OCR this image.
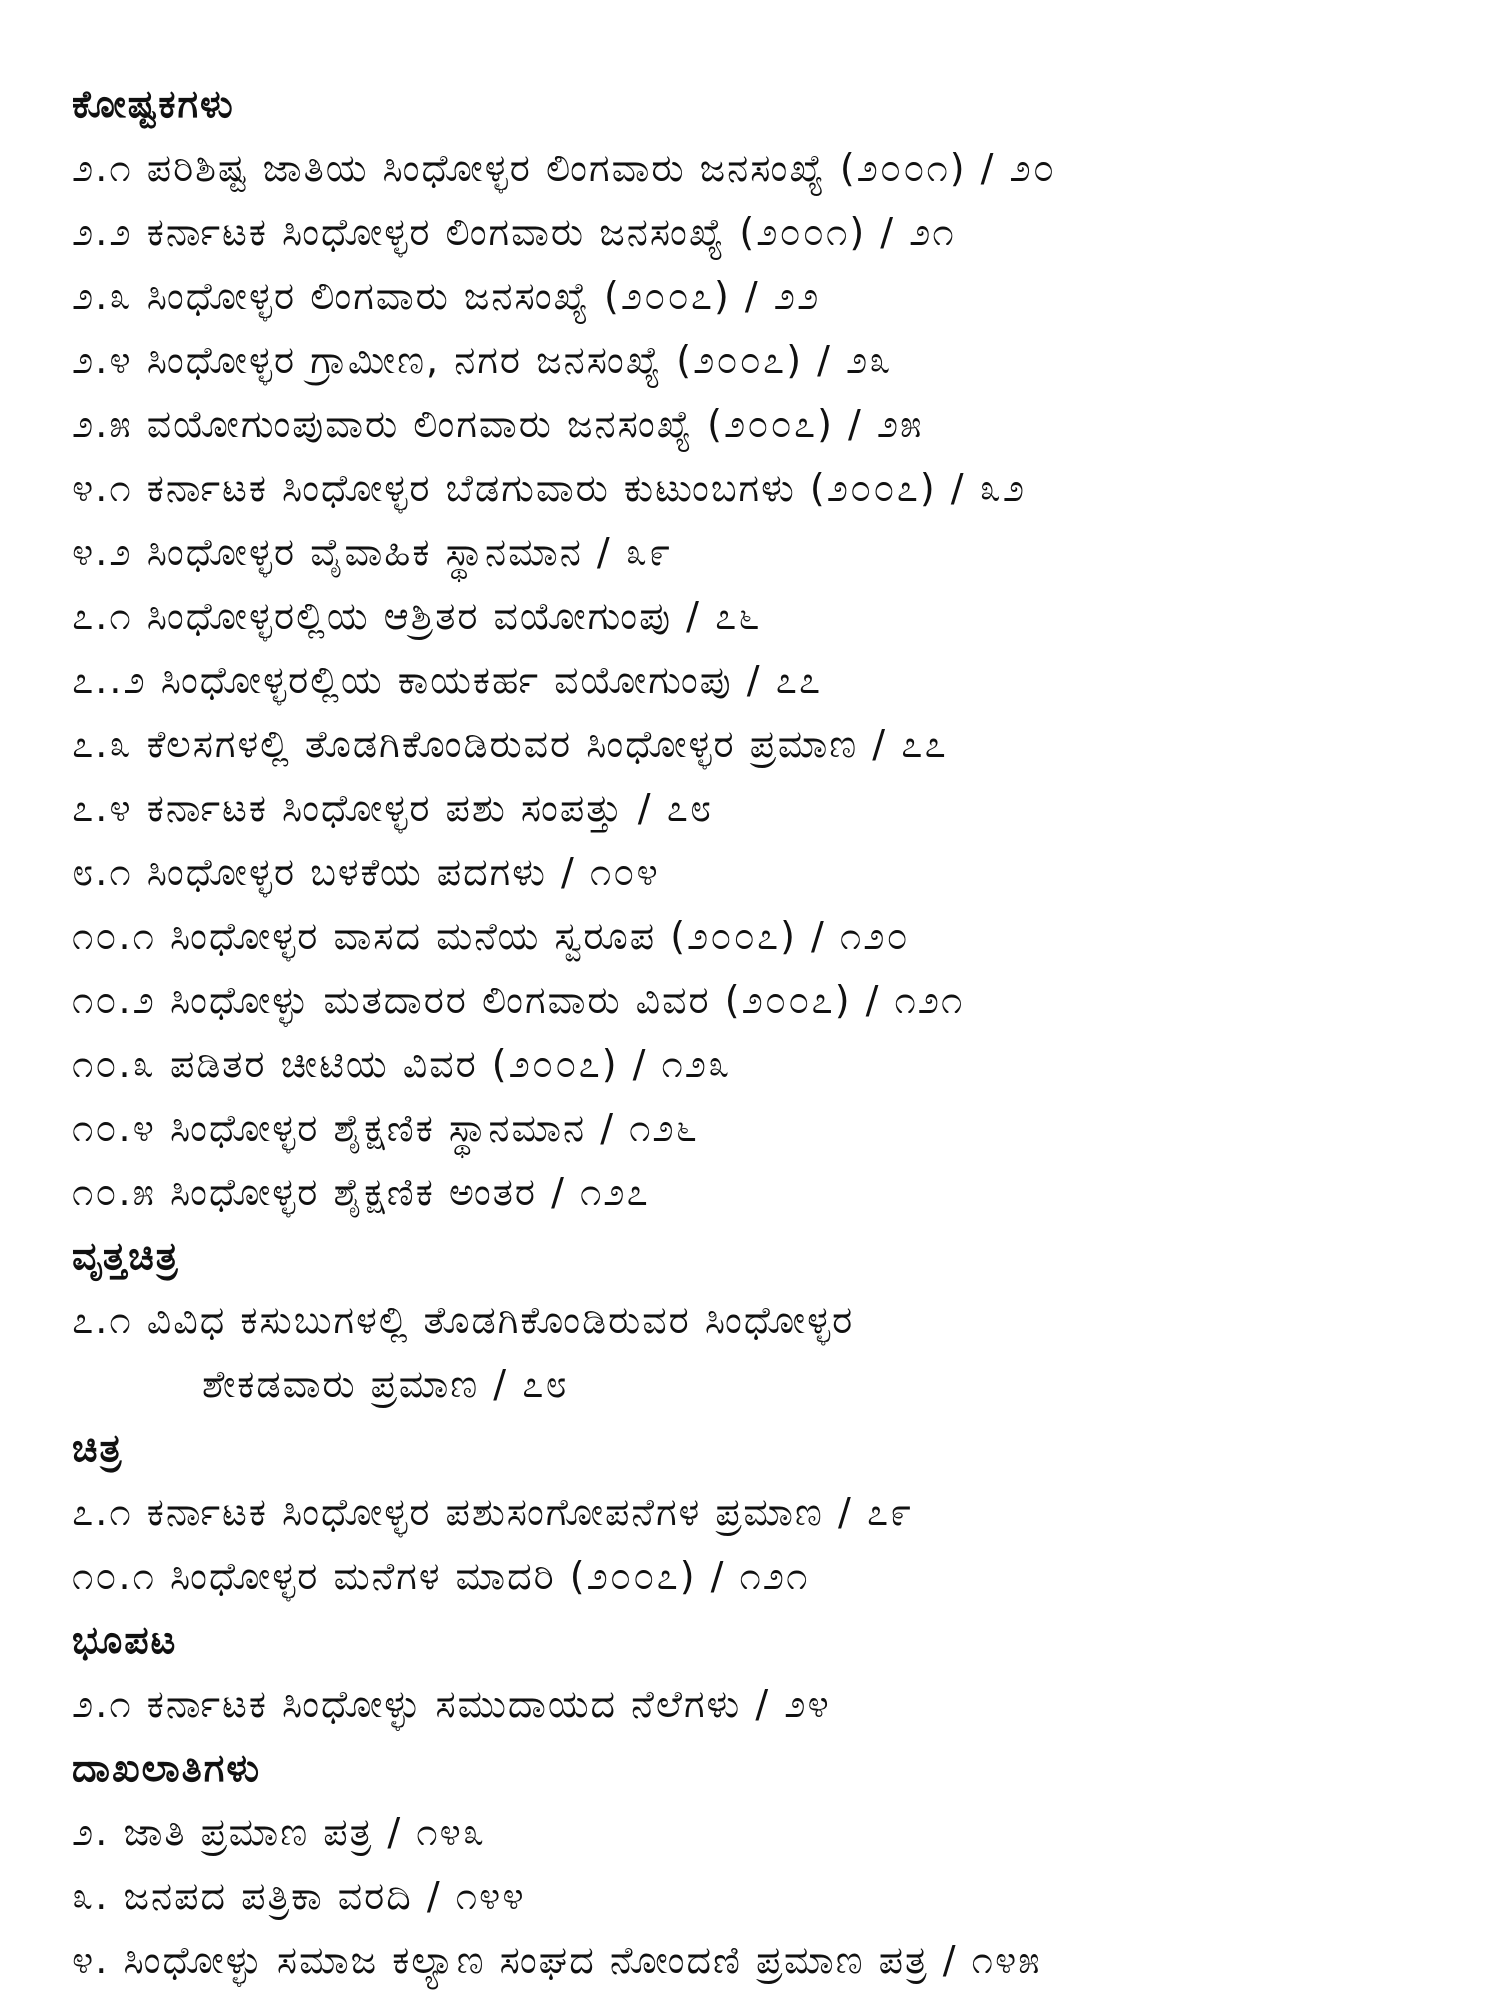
ಕೋಷ್ಟಕಗಳು
೨.೧ ಪರಿಶಿಷ್ಟ ಜಾತಿಯ ಸಿಂಧೋಳ್ಳರ ಲಿಂಗವಾರು ಜನಸಂಖ್ಯೆ (೨೦೦೧) / ೨೦
೨.೨ ಕರ್ನಾಟಕ ಸಿಂಧೋಳ್ಳರ ಲಿಂಗವಾರು ಜನಸಂಖ್ಯೆ (೨೦೦೧) / ೨೧
೨.೩ ಸಿಂಧೋಳ್ಳರ ಲಿಂಗವಾರು ಜನಸಂಖ್ಯೆ (೨೦೦೭) / ೨೨
೨.೪ ಸಿಂಧೋಳ್ಳರ ಗ್ರಾಮೀಣ, ನಗರ ಜನಸಂಖ್ಯೆ (೨೦೦೭) / ೨೩
೨.೫ ವಯೋಗುಂಪುವಾರು ಲಿಂಗವಾರು ಜನಸಂಖ್ಯೆ (೨೦೦೭) / ೨೫
೪.೧ ಕರ್ನಾಟಕ ಸಿಂಧೋಳ್ಳರ ಬೆಡಗುವಾರು ಕುಟುಂಬಗಳು (೨೦೦೭) / ೩೨
೪.೨ ಸಿಂಧೋಳ್ಳರ ವೈವಾಹಿಕ ಸ್ಥಾನಮಾನ / ೩೯
೭.೧ ಸಿಂಧೋಳ್ಳರಲ್ಲಿಯ ಆಶ್ರಿತರ ವಯೋಗುಂಪು / ೭೬
೭..೨ ಸಿಂಧೋಳ್ಳರಲ್ಲಿಯ ಕಾಯಕರ್ಹ ವಯೋಗುಂಪು / ೭೭
೭.೩ ಕೆಲಸಗಳಲ್ಲಿ ತೊಡಗಿಕೊಂಡಿರುವರ ಸಿಂಧೋಳ್ಳರ ಪ್ರಮಾಣ / ೭೭
೭.೪ ಕರ್ನಾಟಕ ಸಿಂಧೋಳ್ಳರ ಪಶು ಸಂಪತ್ತು / ೭೮
೮.೧ ಸಿಂಧೋಳ್ಳರ ಬಳಕೆಯ ಪದಗಳು / ೧೦೪
೧೦.೧ ಸಿಂಧೋಳ್ಳರ ವಾಸದ ಮನೆಯ ಸ್ವರೂಪ (೨೦೦೭) / ೧೨೦
೧೦.೨ ಸಿಂಧೋಳ್ಳು ಮತದಾರರ ಲಿಂಗವಾರು ವಿವರ (೨೦೦೭) / ೧೨೧
೧೦.೩ ಪಡಿತರ ಚೀಟಿಯ ವಿವರ (೨೦೦೭) / ೧೨೩
೧೦.೪ ಸಿಂಧೋಳ್ಳರ ಶೈಕ್ಷಣಿಕ ಸ್ಥಾನಮಾನ / ೧೨೬
೧೦.೫ ಸಿಂಧೋಳ್ಳರ ಶೈಕ್ಷಣಿಕ ಅಂತರ / ೧೨೭
ವೃತ್ತಚಿತ್ರ
೭.೧ ವಿವಿಧ ಕಸುಬುಗಳಲ್ಲಿ ತೊಡಗಿಕೊಂಡಿರುವರ ಸಿಂಧೋಳ್ಳರ
ಶೇಕಡವಾರು ಪ್ರಮಾಣ / ೭೮
ಚಿತ್ರ
೭.೧ ಕರ್ನಾಟಕ ಸಿಂಧೋಳ್ಳರ ಪಶುಸಂಗೋಪನೆಗಳ ಪ್ರಮಾಣ / ೭೯
೧೦.೧ ಸಿಂಧೋಳ್ಳರ ಮನೆಗಳ ಮಾದರಿ (೨೦೦೭) / ೧೨೧
ಭೂಪಟ
೨.೧ ಕರ್ನಾಟಕ ಸಿಂಧೋಳ್ಳು ಸಮುದಾಯದ ನೆಲೆಗಳು / ೨೪
ದಾಖಲಾತಿಗಳು
೨. ಜಾತಿ ಪ್ರಮಾಣ ಪತ್ರ / ೧೪೩
೩. ಜನಪದ ಪತ್ರಿಕಾ ವರದಿ / ೧೪೪
೪. ಸಿಂಧೋಳ್ಳು ಸಮಾಜ ಕಲ್ಯಾಣ ಸಂಘದ ನೋಂದಣಿ ಪ್ರಮಾಣ ಪತ್ರ / ೧೪೫
